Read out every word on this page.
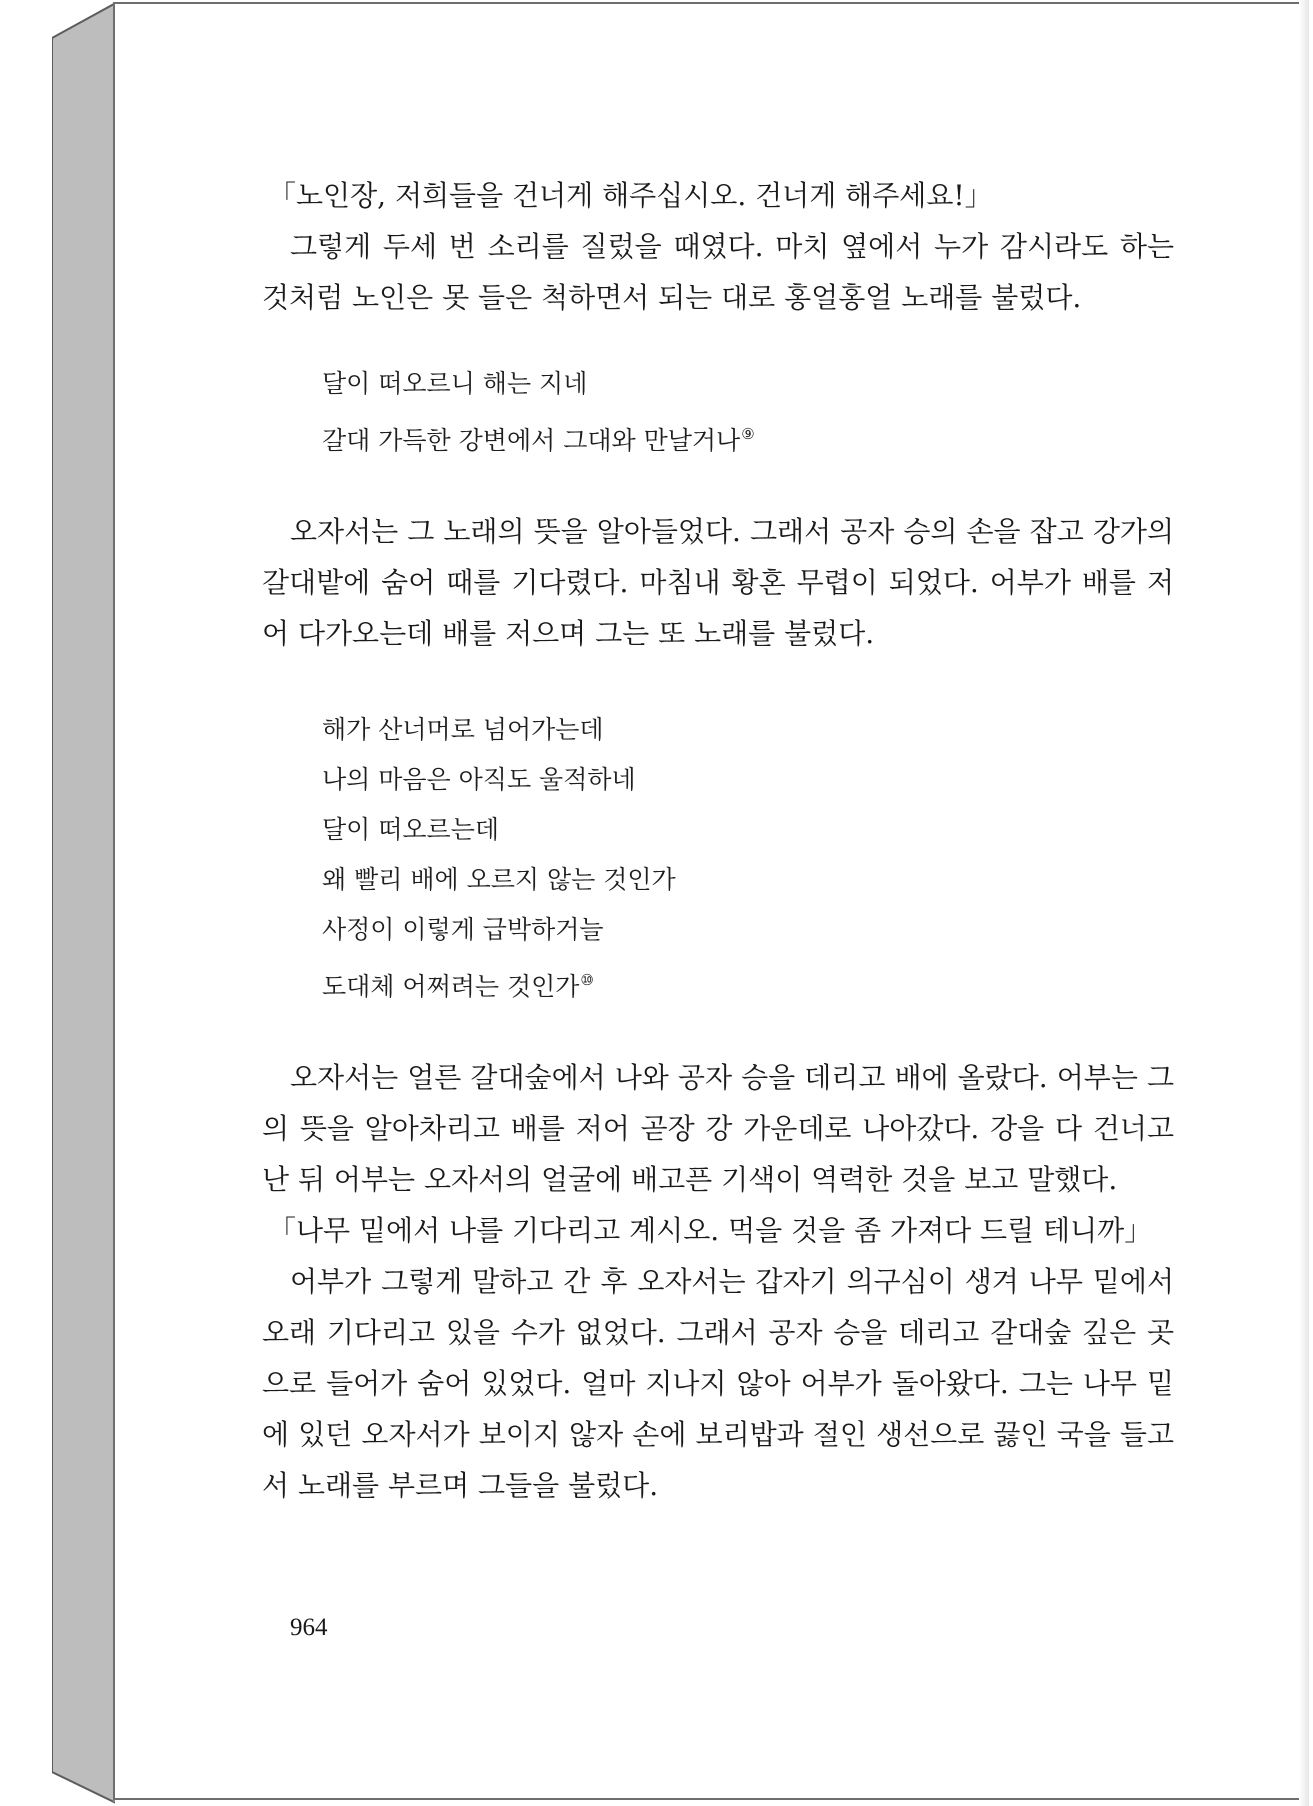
「노인장, 저희들을 건너게 해주십시오. 건너게 해주세요!」

그렇게 두세 번 소리를 질렀을 때였다. 마치 옆에서 누가 감시라도 하는 것처럼 노인은 못 들은 척하면서 되는 대로 홍얼홍얼 노래를 불렀다.

달이 떠오르니 해는 지네
갈대 가득한 강변에서 그대와 만날거나⑨

오자서는 그 노래의 뜻을 알아들었다. 그래서 공자 승의 손을 잡고 강가의 갈대밭에 숨어 때를 기다렸다. 마침내 황혼 무렵이 되었다. 어부가 배를 저어 다가오는데 배를 저으며 그는 또 노래를 불렀다.

해가 산너머로 넘어가는데
나의 마음은 아직도 울적하네
달이 떠오르는데
왜 빨리 배에 오르지 않는 것인가
사정이 이렇게 급박하거늘
도대체 어쩌려는 것인가⑩

오자서는 얼른 갈대숲에서 나와 공자 승을 데리고 배에 올랐다. 어부는 그의 뜻을 알아차리고 배를 저어 곧장 강 가운데로 나아갔다. 강을 다 건너고 난 뒤 어부는 오자서의 얼굴에 배고픈 기색이 역력한 것을 보고 말했다.

「나무 밑에서 나를 기다리고 계시오. 먹을 것을 좀 가져다 드릴 테니까」

어부가 그렇게 말하고 간 후 오자서는 갑자기 의구심이 생겨 나무 밑에서 오래 기다리고 있을 수가 없었다. 그래서 공자 승을 데리고 갈대숲 깊은 곳으로 들어가 숨어 있었다. 얼마 지나지 않아 어부가 돌아왔다. 그는 나무 밑에 있던 오자서가 보이지 않자 손에 보리밥과 절인 생선으로 끓인 국을 들고서 노래를 부르며 그들을 불렀다.

964
